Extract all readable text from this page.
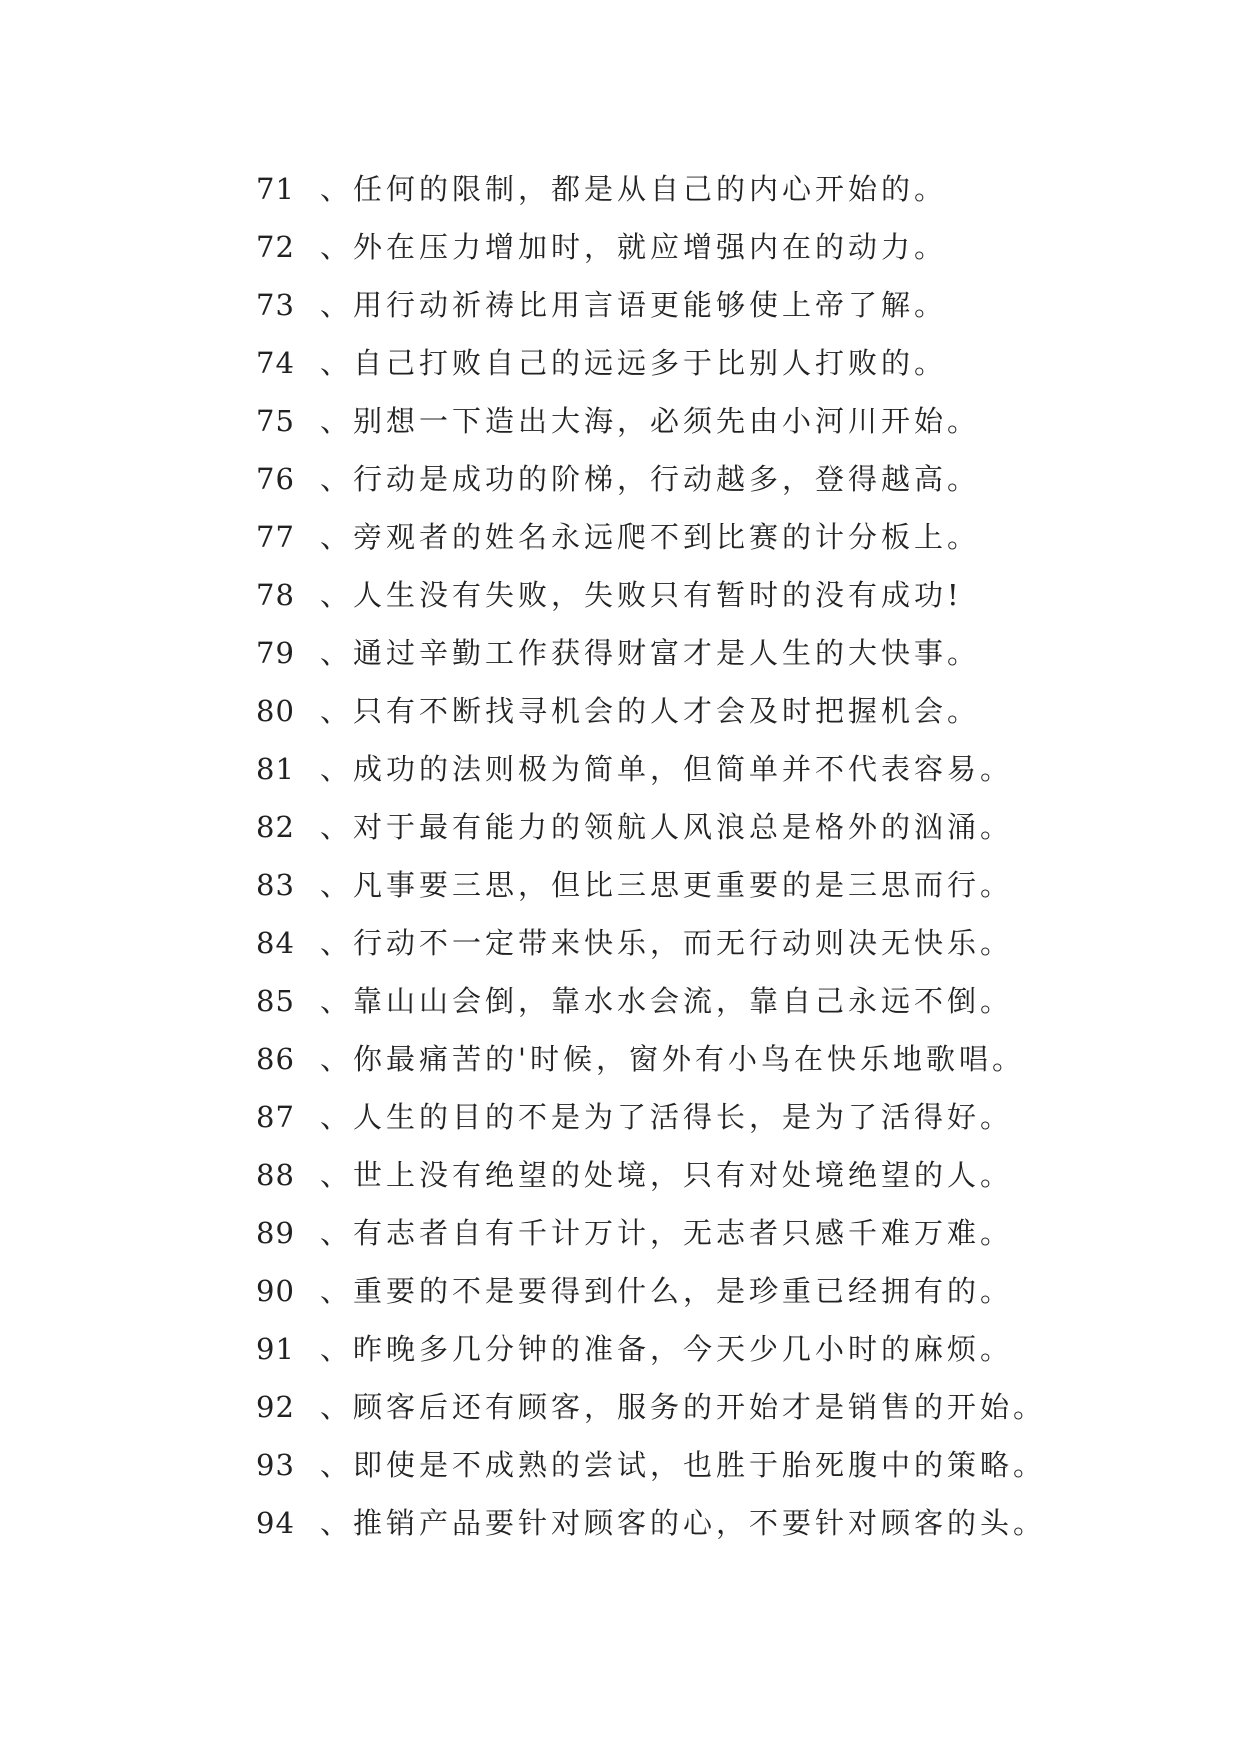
71 、任何的限制，都是从自己的内心开始的。
72 、外在压力增加时，就应增强内在的动力。
73 、用行动祈祷比用言语更能够使上帝了解。
74 、自己打败自己的远远多于比别人打败的。
75 、别想一下造出大海，必须先由小河川开始。
76 、行动是成功的阶梯，行动越多，登得越高。
77 、旁观者的姓名永远爬不到比赛的计分板上。
78 、人生没有失败，失败只有暂时的没有成功!
79 、通过辛勤工作获得财富才是人生的大快事。
80 、只有不断找寻机会的人才会及时把握机会。
81 、成功的法则极为简单，但简单并不代表容易。
82 、对于最有能力的领航人风浪总是格外的汹涌。
83 、凡事要三思，但比三思更重要的是三思而行。
84 、行动不一定带来快乐，而无行动则决无快乐。
85 、靠山山会倒，靠水水会流，靠自己永远不倒。
86 、你最痛苦的'时候，窗外有小鸟在快乐地歌唱。
87 、人生的目的不是为了活得长，是为了活得好。
88 、世上没有绝望的处境，只有对处境绝望的人。
89 、有志者自有千计万计，无志者只感千难万难。
90 、重要的不是要得到什么，是珍重已经拥有的。
91 、昨晚多几分钟的准备，今天少几小时的麻烦。
92 、顾客后还有顾客，服务的开始才是销售的开始。
93 、即使是不成熟的尝试，也胜于胎死腹中的策略。
94 、推销产品要针对顾客的心，不要针对顾客的头。
